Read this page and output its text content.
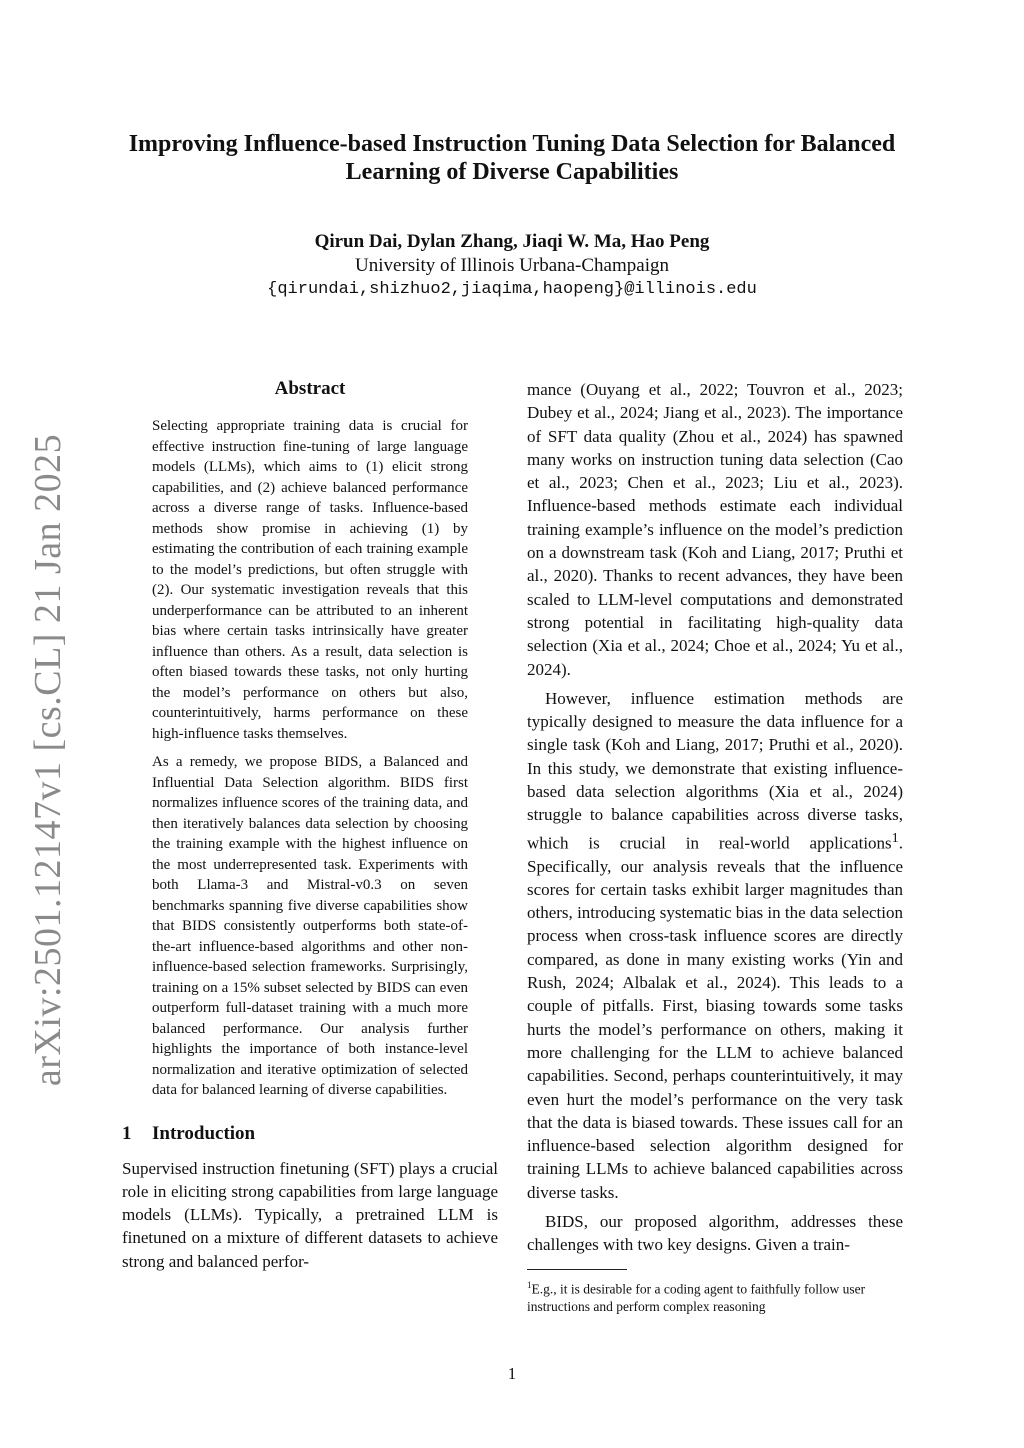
arXiv:2501.12147v1 [cs.CL] 21 Jan 2025
Improving Influence-based Instruction Tuning Data Selection for Balanced
Learning of Diverse Capabilities
Qirun Dai, Dylan Zhang, Jiaqi W. Ma, Hao Peng
University of Illinois Urbana-Champaign
{qirundai,shizhuo2,jiaqima,haopeng}@illinois.edu
Abstract

Selecting appropriate training data is crucial for effective instruction fine-tuning of large language models (LLMs), which aims to (1) elicit strong capabilities, and (2) achieve balanced performance across a diverse range of tasks. Influence-based methods show promise in achieving (1) by estimating the contribution of each training example to the model’s predictions, but often struggle with (2). Our systematic investigation reveals that this underperformance can be attributed to an inherent bias where certain tasks intrinsically have greater influence than others. As a result, data selection is often biased towards these tasks, not only hurting the model’s performance on others but also, counterintuitively, harms performance on these high-influence tasks themselves.

As a remedy, we propose BIDS, a Balanced and Influential Data Selection algorithm. BIDS first normalizes influence scores of the training data, and then iteratively balances data selection by choosing the training example with the highest influence on the most underrepresented task. Experiments with both Llama-3 and Mistral-v0.3 on seven benchmarks spanning five diverse capabilities show that BIDS consistently outperforms both state-of-the-art influence-based algorithms and other non-influence-based selection frameworks. Surprisingly, training on a 15% subset selected by BIDS can even outperform full-dataset training with a much more balanced performance. Our analysis further highlights the importance of both instance-level normalization and iterative optimization of selected data for balanced learning of diverse capabilities.

1 Introduction

Supervised instruction finetuning (SFT) plays a crucial role in eliciting strong capabilities from large language models (LLMs). Typically, a pretrained LLM is finetuned on a mixture of different datasets to achieve strong and balanced perfor-

mance (Ouyang et al., 2022; Touvron et al., 2023; Dubey et al., 2024; Jiang et al., 2023). The importance of SFT data quality (Zhou et al., 2024) has spawned many works on instruction tuning data selection (Cao et al., 2023; Chen et al., 2023; Liu et al., 2023). Influence-based methods estimate each individual training example’s influence on the model’s prediction on a downstream task (Koh and Liang, 2017; Pruthi et al., 2020). Thanks to recent advances, they have been scaled to LLM-level computations and demonstrated strong potential in facilitating high-quality data selection (Xia et al., 2024; Choe et al., 2024; Yu et al., 2024).

However, influence estimation methods are typically designed to measure the data influence for a single task (Koh and Liang, 2017; Pruthi et al., 2020). In this study, we demonstrate that existing influence-based data selection algorithms (Xia et al., 2024) struggle to balance capabilities across diverse tasks, which is crucial in real-world applications$^1$. Specifically, our analysis reveals that the influence scores for certain tasks exhibit larger magnitudes than others, introducing systematic bias in the data selection process when cross-task influence scores are directly compared, as done in many existing works (Yin and Rush, 2024; Albalak et al., 2024). This leads to a couple of pitfalls. First, biasing towards some tasks hurts the model’s performance on others, making it more challenging for the LLM to achieve balanced capabilities. Second, perhaps counterintuitively, it may even hurt the model’s performance on the very task that the data is biased towards. These issues call for an influence-based selection algorithm designed for training LLMs to achieve balanced capabilities across diverse tasks.

BIDS, our proposed algorithm, addresses these challenges with two key designs. Given a train-

$^1$E.g., it is desirable for a coding agent to faithfully follow user instructions and perform complex reasoning

1
